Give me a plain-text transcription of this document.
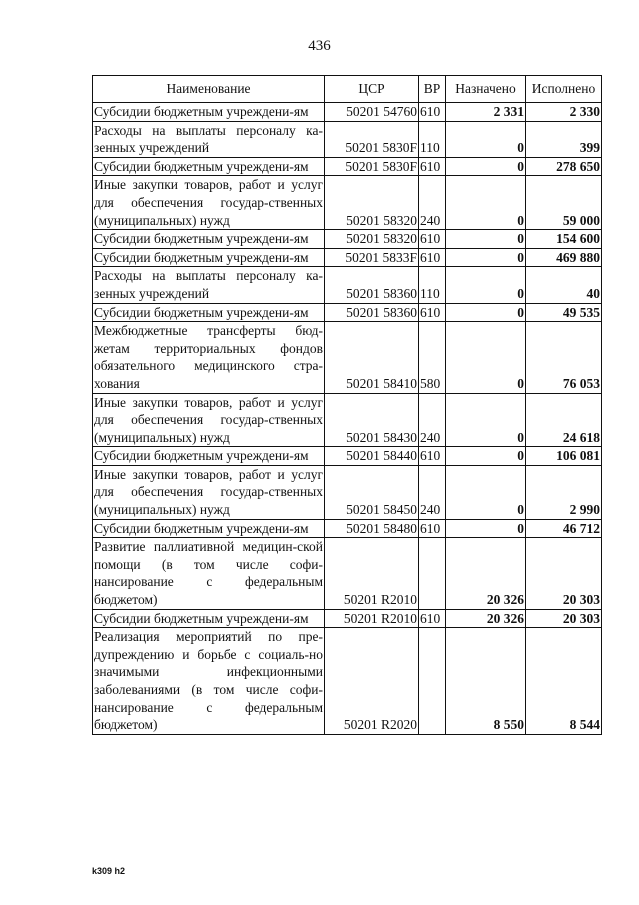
436
Наименование	ЦСР	ВР	Назначено	Исполнено
Субсидии бюджетным учреждени-ям	50201 54760	610	2 331	2 330
Расходы на выплаты персоналу ка-зенных учреждений	50201 5830F	110	0	399
Субсидии бюджетным учреждени-ям	50201 5830F	610	0	278 650
Иные закупки товаров, работ и услуг для обеспечения государ-ственных (муниципальных) нужд	50201 58320	240	0	59 000
Субсидии бюджетным учреждени-ям	50201 58320	610	0	154 600
Субсидии бюджетным учреждени-ям	50201 5833F	610	0	469 880
Расходы на выплаты персоналу ка-зенных учреждений	50201 58360	110	0	40
Субсидии бюджетным учреждени-ям	50201 58360	610	0	49 535
Межбюджетные трансферты бюд-жетам территориальных фондов обязательного медицинского стра-хования	50201 58410	580	0	76 053
Иные закупки товаров, работ и услуг для обеспечения государ-ственных (муниципальных) нужд	50201 58430	240	0	24 618
Субсидии бюджетным учреждени-ям	50201 58440	610	0	106 081
Иные закупки товаров, работ и услуг для обеспечения государ-ственных (муниципальных) нужд	50201 58450	240	0	2 990
Субсидии бюджетным учреждени-ям	50201 58480	610	0	46 712
Развитие паллиативной медицин-ской помощи (в том числе софи-нансирование с федеральным бюджетом)	50201 R2010		20 326	20 303
Субсидии бюджетным учреждени-ям	50201 R2010	610	20 326	20 303
Реализация мероприятий по пре-дупреждению и борьбе с социаль-но значимыми инфекционными заболеваниями (в том числе софи-нансирование с федеральным бюджетом)	50201 R2020		8 550	8 544
k309 h2
